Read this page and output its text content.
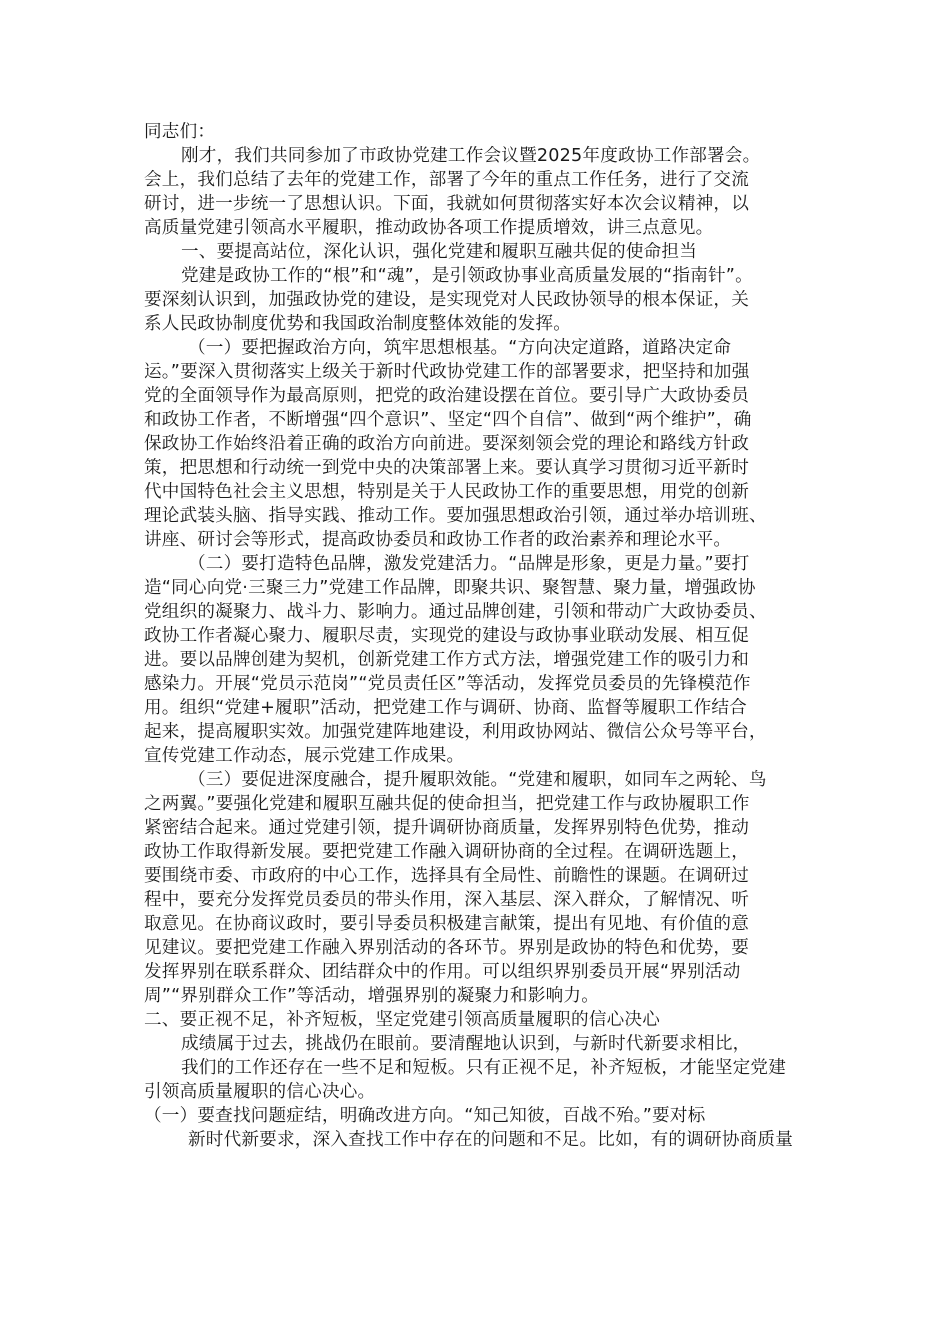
同志们：
刚才，我们共同参加了市政协党建工作会议暨2025年度政协工作部署会。
会上，我们总结了去年的党建工作，部署了今年的重点工作任务，进行了交流
研讨，进一步统一了思想认识。下面，我就如何贯彻落实好本次会议精神，以
高质量党建引领高水平履职，推动政协各项工作提质增效，讲三点意见。
一、要提高站位，深化认识，强化党建和履职互融共促的使命担当
党建是政协工作的“根”和“魂”，是引领政协事业高质量发展的“指南针”。
要深刻认识到，加强政协党的建设，是实现党对人民政协领导的根本保证，关
系人民政协制度优势和我国政治制度整体效能的发挥。
（一）要把握政治方向，筑牢思想根基。“方向决定道路，道路决定命
运。”要深入贯彻落实上级关于新时代政协党建工作的部署要求，把坚持和加强
党的全面领导作为最高原则，把党的政治建设摆在首位。要引导广大政协委员
和政协工作者，不断增强“四个意识”、坚定“四个自信”、做到“两个维护”，确
保政协工作始终沿着正确的政治方向前进。要深刻领会党的理论和路线方针政
策，把思想和行动统一到党中央的决策部署上来。要认真学习贯彻习近平新时
代中国特色社会主义思想，特别是关于人民政协工作的重要思想，用党的创新
理论武装头脑、指导实践、推动工作。要加强思想政治引领，通过举办培训班、
讲座、研讨会等形式，提高政协委员和政协工作者的政治素养和理论水平。
（二）要打造特色品牌，激发党建活力。“品牌是形象，更是力量。”要打
造“同心向党·三聚三力”党建工作品牌，即聚共识、聚智慧、聚力量，增强政协
党组织的凝聚力、战斗力、影响力。通过品牌创建，引领和带动广大政协委员、
政协工作者凝心聚力、履职尽责，实现党的建设与政协事业联动发展、相互促
进。要以品牌创建为契机，创新党建工作方式方法，增强党建工作的吸引力和
感染力。开展“党员示范岗”“党员责任区”等活动，发挥党员委员的先锋模范作
用。组织“党建+履职”活动，把党建工作与调研、协商、监督等履职工作结合
起来，提高履职实效。加强党建阵地建设，利用政协网站、微信公众号等平台，
宣传党建工作动态，展示党建工作成果。
（三）要促进深度融合，提升履职效能。“党建和履职，如同车之两轮、鸟
之两翼。”要强化党建和履职互融共促的使命担当，把党建工作与政协履职工作
紧密结合起来。通过党建引领，提升调研协商质量，发挥界别特色优势，推动
政协工作取得新发展。要把党建工作融入调研协商的全过程。在调研选题上，
要围绕市委、市政府的中心工作，选择具有全局性、前瞻性的课题。在调研过
程中，要充分发挥党员委员的带头作用，深入基层、深入群众，了解情况、听
取意见。在协商议政时，要引导委员积极建言献策，提出有见地、有价值的意
见建议。要把党建工作融入界别活动的各环节。界别是政协的特色和优势，要
发挥界别在联系群众、团结群众中的作用。可以组织界别委员开展“界别活动
周”“界别群众工作”等活动，增强界别的凝聚力和影响力。
二、要正视不足，补齐短板，坚定党建引领高质量履职的信心决心
成绩属于过去，挑战仍在眼前。要清醒地认识到，与新时代新要求相比，
我们的工作还存在一些不足和短板。只有正视不足，补齐短板，才能坚定党建
引领高质量履职的信心决心。
（一）要查找问题症结，明确改进方向。“知己知彼，百战不殆。”要对标
新时代新要求，深入查找工作中存在的问题和不足。比如，有的调研协商质量
